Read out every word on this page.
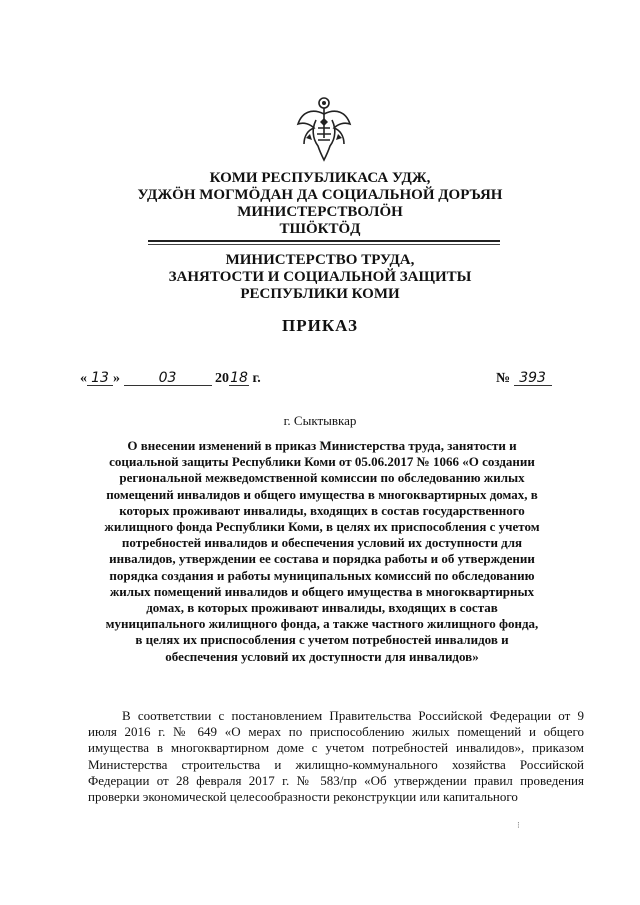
КОМИ РЕСПУБЛИКАСА УДЖ,
УДЖӦН МОГМӦДАН ДА СОЦИАЛЬНОЙ ДОРЪЯН
МИНИСТЕРСТВОЛӦН
ТШӦКТӦД
МИНИСТЕРСТВО ТРУДА,
ЗАНЯТОСТИ И СОЦИАЛЬНОЙ ЗАЩИТЫ
РЕСПУБЛИКИ КОМИ
ПРИКАЗ
« 13 »	03	2018 г.	№ 393
г. Сыктывкар
О внесении изменений в приказ Министерства труда, занятости и
социальной защиты Республики Коми от 05.06.2017 № 1066 «О создании
региональной межведомственной комиссии по обследованию жилых
помещений инвалидов и общего имущества в многоквартирных домах, в
которых проживают инвалиды, входящих в состав государственного
жилищного фонда Республики Коми, в целях их приспособления с учетом
потребностей инвалидов и обеспечения условий их доступности для
инвалидов, утверждении ее состава и порядка работы и об утверждении
порядка создания и работы муниципальных комиссий по обследованию
жилых помещений инвалидов и общего имущества в многоквартирных
домах, в которых проживают инвалиды, входящих в состав
муниципального жилищного фонда, а также частного жилищного фонда,
в целях их приспособления с учетом потребностей инвалидов и
обеспечения условий их доступности для инвалидов»
В соответствии с постановлением Правительства Российской Федерации от 9 июля 2016 г. № 649 «О мерах по приспособлению жилых помещений и общего имущества в многоквартирном доме с учетом потребностей инвалидов», приказом Министерства строительства и жилищно-коммунального хозяйства Российской Федерации от 28 февраля 2017 г. № 583/пр «Об утверждении правил проведения проверки экономической целесообразности реконструкции или капитального
⁝
